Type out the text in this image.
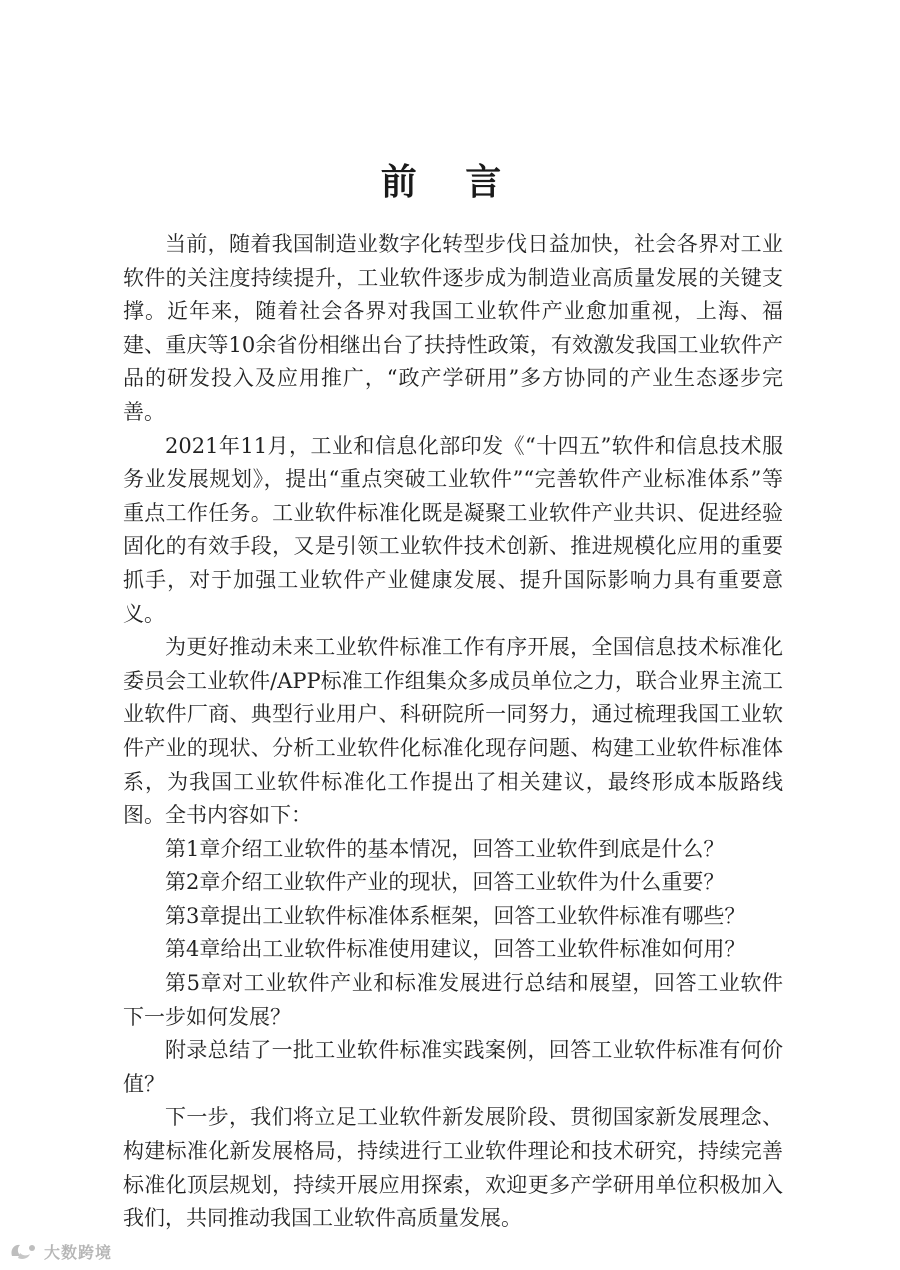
前 言

当前，随着我国制造业数字化转型步伐日益加快，社会各界对工业软件的关注度持续提升，工业软件逐步成为制造业高质量发展的关键支撑。近年来，随着社会各界对我国工业软件产业愈加重视，上海、福建、重庆等10余省份相继出台了扶持性政策，有效激发我国工业软件产品的研发投入及应用推广，“政产学研用”多方协同的产业生态逐步完善。

2021年11月，工业和信息化部印发《“十四五”软件和信息技术服务业发展规划》，提出“重点突破工业软件”“完善软件产业标准体系”等重点工作任务。工业软件标准化既是凝聚工业软件产业共识、促进经验固化的有效手段，又是引领工业软件技术创新、推进规模化应用的重要抓手，对于加强工业软件产业健康发展、提升国际影响力具有重要意义。

为更好推动未来工业软件标准工作有序开展，全国信息技术标准化委员会工业软件/APP标准工作组集众多成员单位之力，联合业界主流工业软件厂商、典型行业用户、科研院所一同努力，通过梳理我国工业软件产业的现状、分析工业软件化标准化现存问题、构建工业软件标准体系，为我国工业软件标准化工作提出了相关建议，最终形成本版路线图。全书内容如下：

第1章介绍工业软件的基本情况，回答工业软件到底是什么？

第2章介绍工业软件产业的现状，回答工业软件为什么重要？

第3章提出工业软件标准体系框架，回答工业软件标准有哪些？

第4章给出工业软件标准使用建议，回答工业软件标准如何用？

第5章对工业软件产业和标准发展进行总结和展望，回答工业软件下一步如何发展？

附录总结了一批工业软件标准实践案例，回答工业软件标准有何价值？

下一步，我们将立足工业软件新发展阶段、贯彻国家新发展理念、构建标准化新发展格局，持续进行工业软件理论和技术研究，持续完善标准化顶层规划，持续开展应用探索，欢迎更多产学研用单位积极加入我们，共同推动我国工业软件高质量发展。

大数跨境
